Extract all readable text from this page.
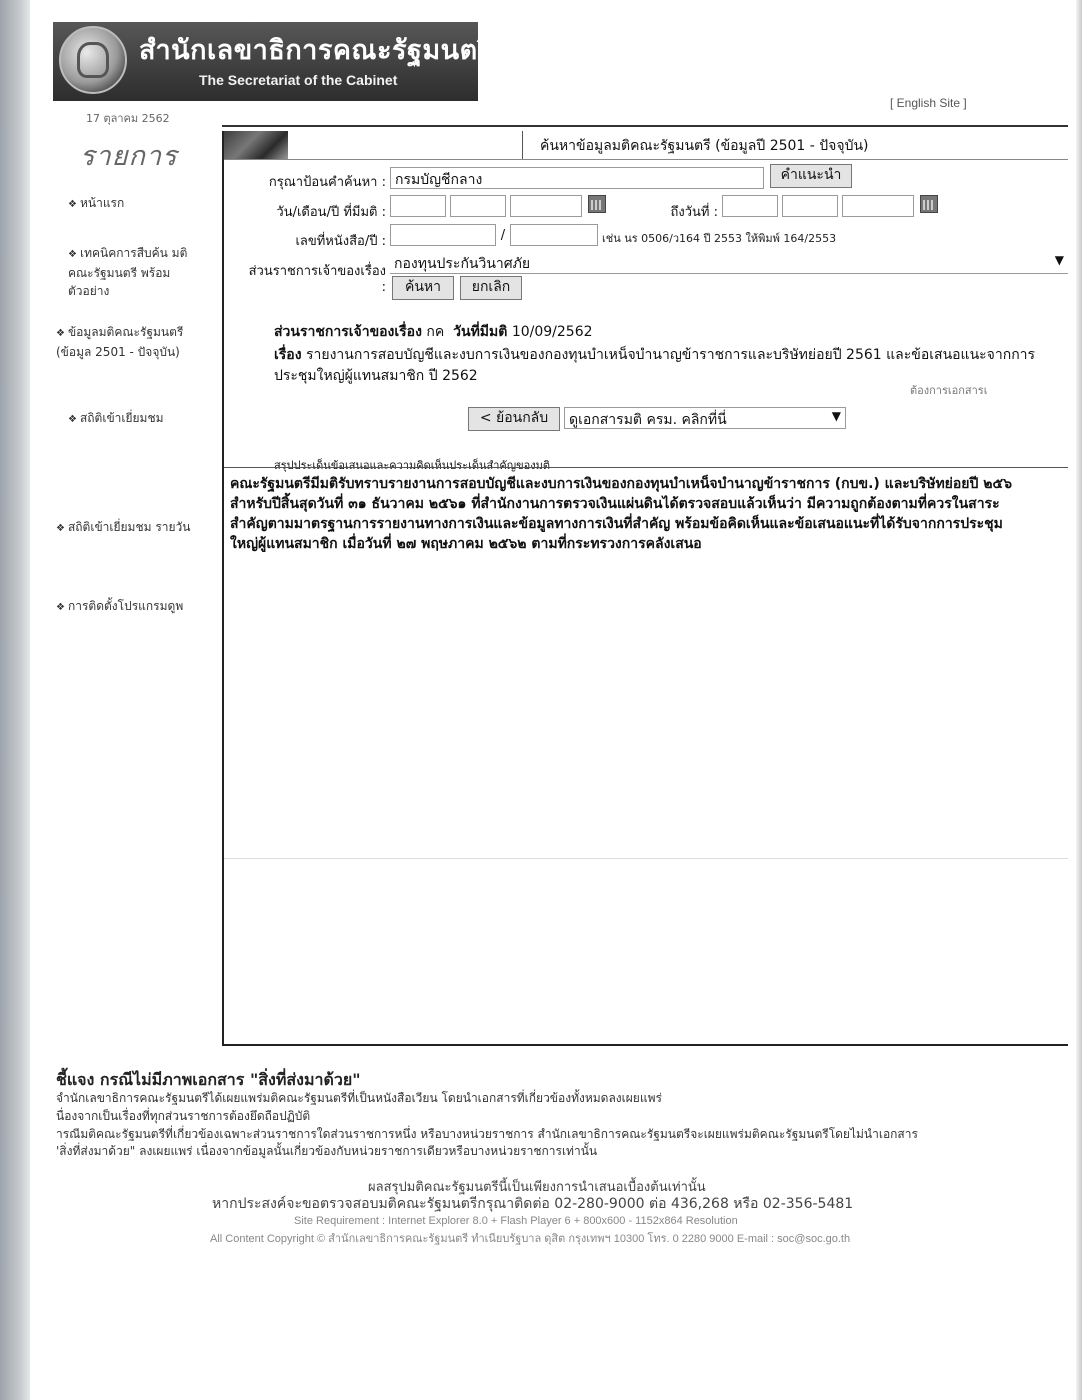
สำนักเลขาธิการคณะรัฐมนตรี
The Secretariat of the Cabinet
[ English Site ]
17 ตุลาคม 2562
รายการ
❖ หน้าแรก
❖ เทคนิคการสืบค้น มติคณะรัฐมนตรี พร้อมตัวอย่าง
❖ ข้อมูลมติคณะรัฐมนตรี (ข้อมูล 2501 - ปัจจุบัน)
❖ สถิติเข้าเยี่ยมชม
❖ สถิติเข้าเยี่ยมชม รายวัน
❖ การติดตั้งโปรแกรมดูพ
ค้นหาข้อมูลมติคณะรัฐมนตรี (ข้อมูลปี 2501 - ปัจจุบัน)
กรุณาป้อนคำค้นหา : กรมบัญชีกลาง	คำแนะนำ
วัน/เดือน/ปี ที่มีมติ :	ถึงวันที่ :
เลขที่หนังสือ/ปี :	/	เช่น นร 0506/ว164 ปี 2553 ให้พิมพ์ 164/2553
ส่วนราชการเจ้าของเรื่อง กองทุนประกันวินาศภัย	▼
:	ค้นหา	ยกเลิก
ส่วนราชการเจ้าของเรื่อง กค วันที่มีมติ 10/09/2562
เรื่อง รายงานการสอบบัญชีและงบการเงินของกองทุนบำเหน็จบำนาญข้าราชการและบริษัทย่อยปี 2561 และข้อเสนอแนะจากการ
ประชุมใหญ่ผู้แทนสมาชิก ปี 2562
ต้องการเอกสารเ
< ย้อนกลับ	ดูเอกสารมติ ครม. คลิกที่นี่	▼
สรุปประเด็นข้อเสนอและความคิดเห็นประเด็นสำคัญของมติ
คณะรัฐมนตรีมีมติรับทราบรายงานการสอบบัญชีและงบการเงินของกองทุนบำเหน็จบำนาญข้าราชการ (กบข.) และบริษัทย่อยปี ๒๕๖
สำหรับปีสิ้นสุดวันที่ ๓๑ ธันวาคม ๒๕๖๑ ที่สำนักงานการตรวจเงินแผ่นดินได้ตรวจสอบแล้วเห็นว่า มีความถูกต้องตามที่ควรในสาระ
สำคัญตามมาตรฐานการรายงานทางการเงินและข้อมูลทางการเงินที่สำคัญ พร้อมข้อคิดเห็นและข้อเสนอแนะที่ได้รับจากการประชุม
ใหญ่ผู้แทนสมาชิก เมื่อวันที่ ๒๗ พฤษภาคม ๒๕๖๒ ตามที่กระทรวงการคลังเสนอ
ชี้แจง กรณีไม่มีภาพเอกสาร "สิ่งที่ส่งมาด้วย"
จำนักเลขาธิการคณะรัฐมนตรีได้เผยแพร่มติคณะรัฐมนตรีที่เป็นหนังสือเวียน โดยนำเอกสารที่เกี่ยวข้องทั้งหมดลงเผยแพร่
นื่องจากเป็นเรื่องที่ทุกส่วนราชการต้องยึดถือปฏิบัติ
ารณีมติคณะรัฐมนตรีที่เกี่ยวข้องเฉพาะส่วนราชการใดส่วนราชการหนึ่ง หรือบางหน่วยราชการ สำนักเลขาธิการคณะรัฐมนตรีจะเผยแพร่มติคณะรัฐมนตรีโดยไม่นำเอกสาร
'สิ่งที่ส่งมาด้วย" ลงเผยแพร่ เนื่องจากข้อมูลนั้นเกี่ยวข้องกับหน่วยราชการเดียวหรือบางหน่วยราชการเท่านั้น
ผลสรุปมติคณะรัฐมนตรีนี้เป็นเพียงการนำเสนอเบื้องต้นเท่านั้น
หากประสงค์จะขอตรวจสอบมติคณะรัฐมนตรีกรุณาติดต่อ 02-280-9000 ต่อ 436,268 หรือ 02-356-5481
Site Requirement : Internet Explorer 8.0 + Flash Player 6 + 800x600 - 1152x864 Resolution
All Content Copyright © สำนักเลขาธิการคณะรัฐมนตรี ทำเนียบรัฐบาล ดุสิต กรุงเทพฯ 10300 โทร. 0 2280 9000 E-mail : soc@soc.go.th
